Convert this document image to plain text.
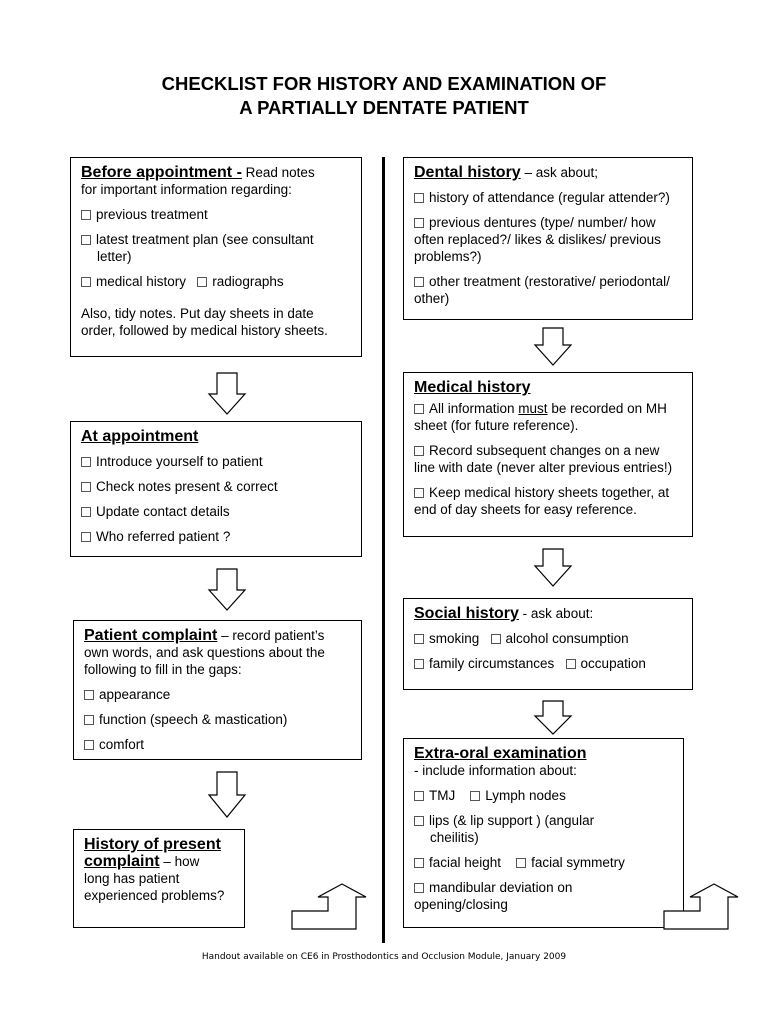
CHECKLIST FOR HISTORY AND EXAMINATION OF
A PARTIALLY DENTATE PATIENT
Before appointment - Read notes
for important information regarding:
previous treatment
latest treatment plan (see consultant
letter)
medical history radiographs
Also, tidy notes. Put day sheets in date
order, followed by medical history sheets.
At appointment
Introduce yourself to patient
Check notes present & correct
Update contact details
Who referred patient ?
Patient complaint – record patient’s
own words, and ask questions about the
following to fill in the gaps:
appearance
function (speech & mastication)
comfort
History of present
complaint – how
long has patient
experienced problems?
Dental history – ask about;
history of attendance (regular attender?)
previous dentures (type/ number/ how
often replaced?/ likes & dislikes/ previous
problems?)
other treatment (restorative/ periodontal/
other)
Medical history
All information must be recorded on MH
sheet (for future reference).
Record subsequent changes on a new
line with date (never alter previous entries!)
Keep medical history sheets together, at
end of day sheets for easy reference.
Social history - ask about:
smoking alcohol consumption
family circumstances occupation
Extra-oral examination
- include information about:
TMJ Lymph nodes
lips (& lip support ) (angular
cheilitis)
facial height facial symmetry
mandibular deviation on
opening/closing
Handout available on CE6 in Prosthodontics and Occlusion Module, January 2009
